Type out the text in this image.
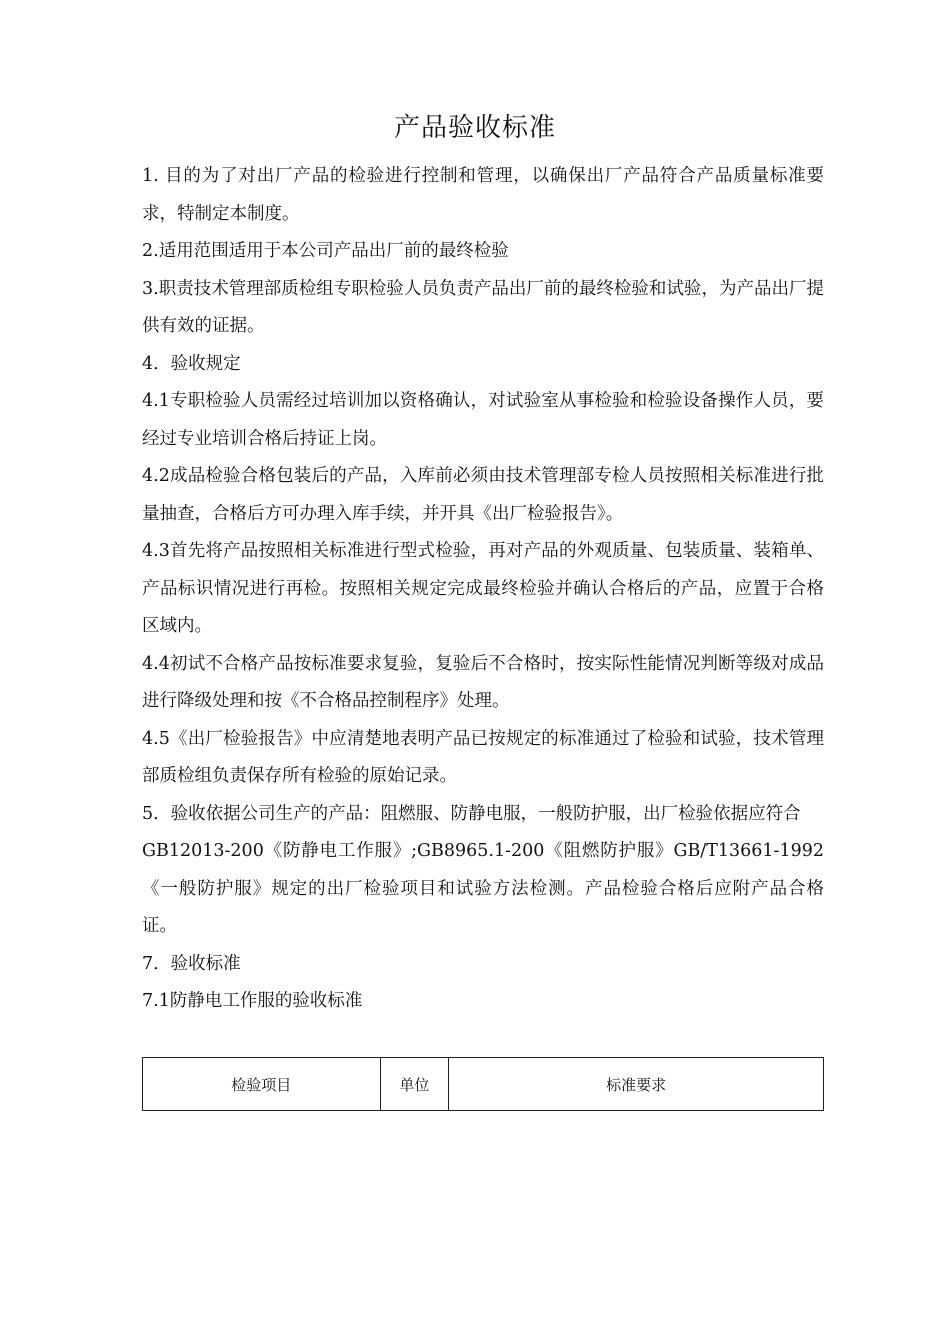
产品验收标准

1. 目的为了对出厂产品的检验进行控制和管理，以确保出厂产品符合产品质量标准要求，特制定本制度。

2.适用范围适用于本公司产品出厂前的最终检验

3.职责技术管理部质检组专职检验人员负责产品出厂前的最终检验和试验，为产品出厂提供有效的证据。

4．验收规定

4.1专职检验人员需经过培训加以资格确认，对试验室从事检验和检验设备操作人员，要经过专业培训合格后持证上岗。

4.2成品检验合格包装后的产品，入库前必须由技术管理部专检人员按照相关标准进行批量抽查，合格后方可办理入库手续，并开具《出厂检验报告》。

4.3首先将产品按照相关标准进行型式检验，再对产品的外观质量、包装质量、装箱单、产品标识情况进行再检。按照相关规定完成最终检验并确认合格后的产品，应置于合格区域内。

4.4初试不合格产品按标准要求复验，复验后不合格时，按实际性能情况判断等级对成品进行降级处理和按《不合格品控制程序》处理。

4.5《出厂检验报告》中应清楚地表明产品已按规定的标准通过了检验和试验，技术管理部质检组负责保存所有检验的原始记录。

5．验收依据公司生产的产品：阻燃服、防静电服，一般防护服，出厂检验依据应符合

GB12013-200《防静电工作服》;GB8965.1-200《阻燃防护服》GB/T13661-1992《一般防护服》规定的出厂检验项目和试验方法检测。产品检验合格后应附产品合格证。

7．验收标准

7.1防静电工作服的验收标准

检验项目	单位	标准要求
